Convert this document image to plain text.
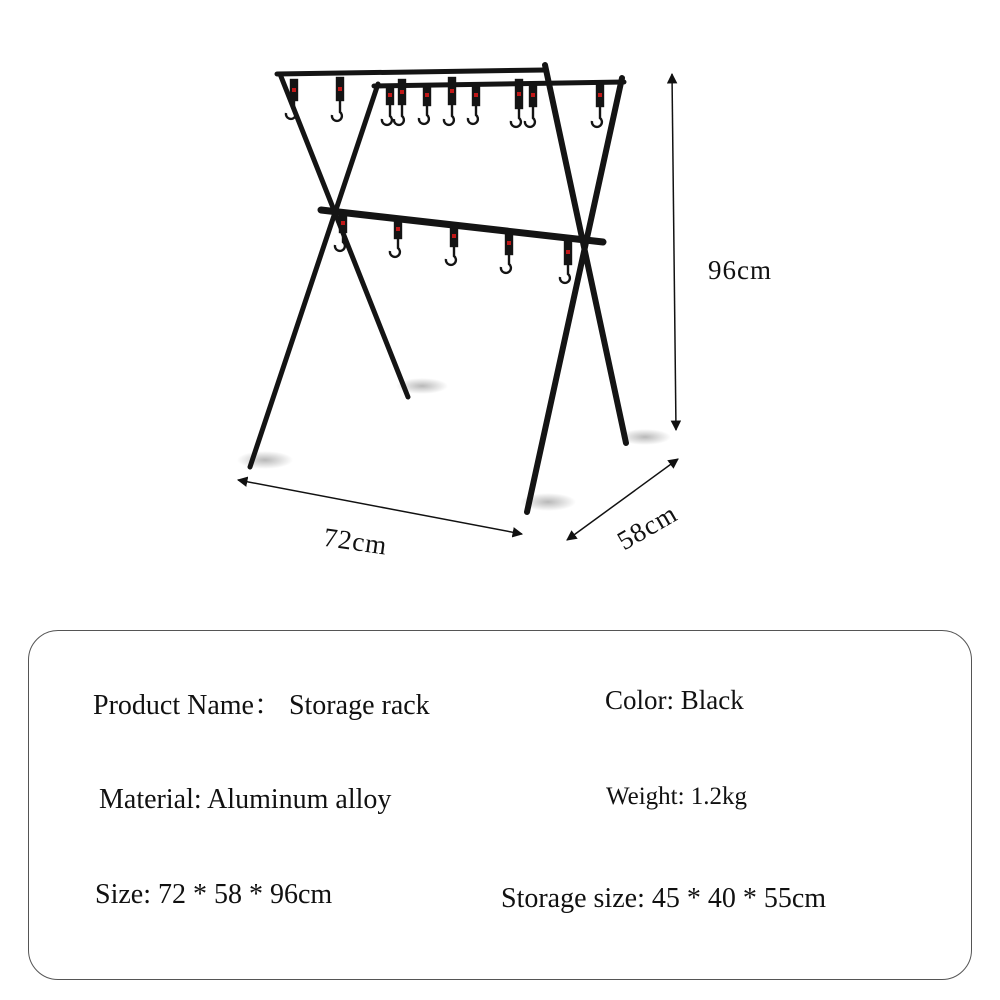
96cm
72cm	58cm
Product Name： Storage rack	Color: Black
Material: Aluminum alloy	Weight: 1.2kg
Size: 72 * 58 * 96cm	Storage size: 45 * 40 * 55cm
